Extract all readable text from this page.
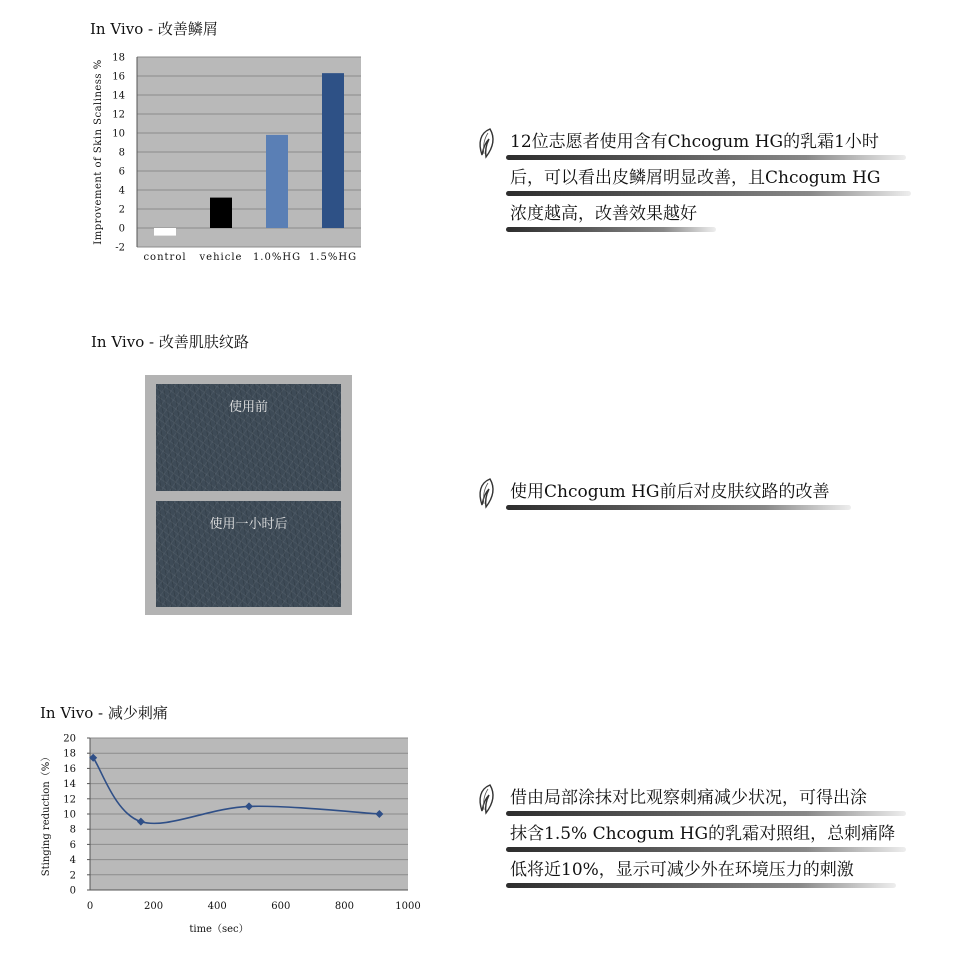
In Vivo - 改善鳞屑
In Vivo - 改善肌肤纹路
In Vivo - 减少刺痛
-2
0
2
4
6
8
10
12
14
16
18
control vehicle 1.0%HG 1.5%HG
Improvement of Skin Scaliness %
使用前
使用一小时后
0
2
4
6
8
10
12
14
16
18
20
0	200	400	600	800	1000
time（sec）
Stinging reduction（%）
12位志愿者使用含有Chcogum HG的乳霜1小时
后，可以看出皮鳞屑明显改善，且Chcogum HG
浓度越高，改善效果越好
使用Chcogum HG前后对皮肤纹路的改善
借由局部涂抹对比观察刺痛减少状况，可得出涂
抹含1.5% Chcogum HG的乳霜对照组，总刺痛降
低将近10%，显示可减少外在环境压力的刺激
